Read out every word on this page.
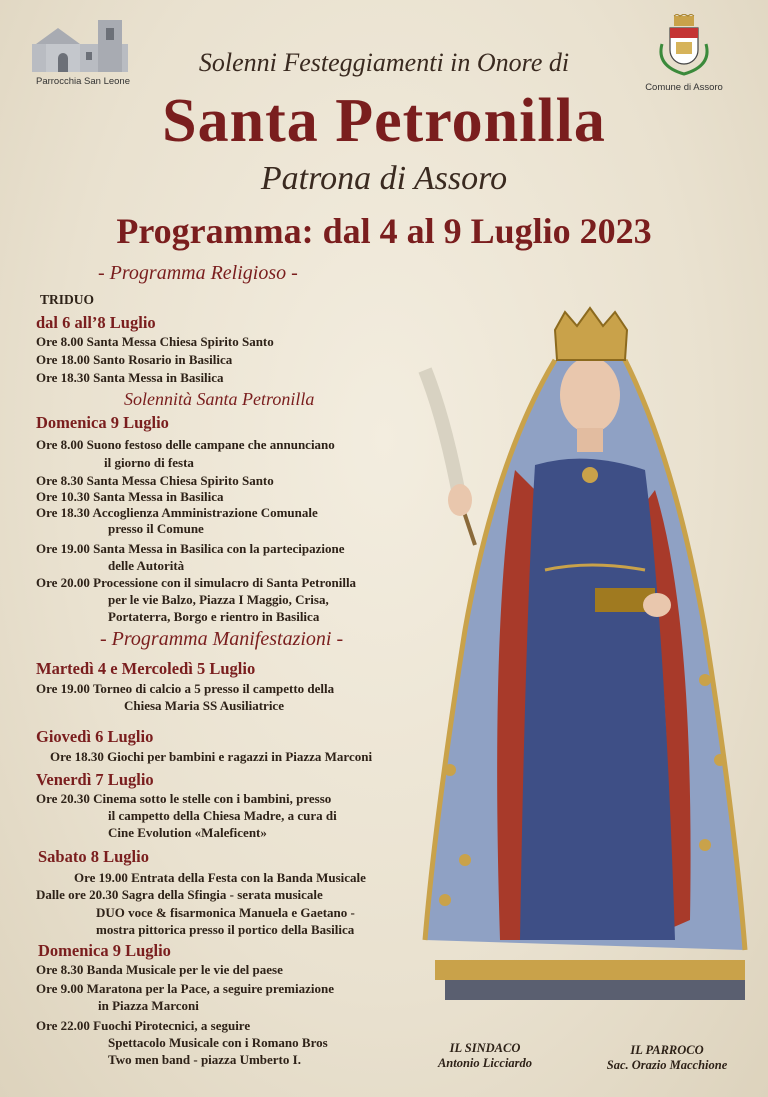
Parrocchia San Leone
Comune di Assoro
Solenni Festeggiamenti in Onore di
Santa Petronilla
Patrona di Assoro
Programma: dal 4 al 9 Luglio 2023
- Programma Religioso -
TRIDUO
dal 6 all’8 Luglio
Ore 8.00 Santa Messa Chiesa Spirito Santo
Ore 18.00 Santo Rosario in Basilica
Ore 18.30 Santa Messa in Basilica
Solennità Santa Petronilla
Domenica 9 Luglio
Ore 8.00 Suono festoso delle campane che annunciano
il giorno di festa
Ore 8.30 Santa Messa Chiesa Spirito Santo
Ore 10.30 Santa Messa in Basilica
Ore 18.30 Accoglienza Amministrazione Comunale
presso il Comune
Ore 19.00 Santa Messa in Basilica con la partecipazione
delle Autorità
Ore 20.00 Processione con il simulacro di Santa Petronilla
per le vie Balzo, Piazza I Maggio, Crisa,
Portaterra, Borgo e rientro in Basilica
- Programma Manifestazioni -
Martedì 4 e Mercoledì 5 Luglio
Ore 19.00 Torneo di calcio a 5 presso il campetto della
Chiesa Maria SS Ausiliatrice
Giovedì 6 Luglio
Ore 18.30 Giochi per bambini e ragazzi in Piazza Marconi
Venerdì 7 Luglio
Ore 20.30 Cinema sotto le stelle con i bambini, presso
il campetto della Chiesa Madre, a cura di
Cine Evolution «Maleficent»
Sabato 8 Luglio
Ore 19.00 Entrata della Festa con la Banda Musicale
Dalle ore 20.30 Sagra della Sfingia - serata musicale
DUO voce & fisarmonica Manuela e Gaetano -
mostra pittorica presso il portico della Basilica
Domenica 9 Luglio
Ore 8.30 Banda Musicale per le vie del paese
Ore 9.00 Maratona per la Pace, a seguire premiazione
in Piazza Marconi
Ore 22.00 Fuochi Pirotecnici, a seguire
Spettacolo Musicale con i Romano Bros
Two men band - piazza Umberto I.
IL SINDACO
Antonio Licciardo
IL PARROCO
Sac. Orazio Macchione
